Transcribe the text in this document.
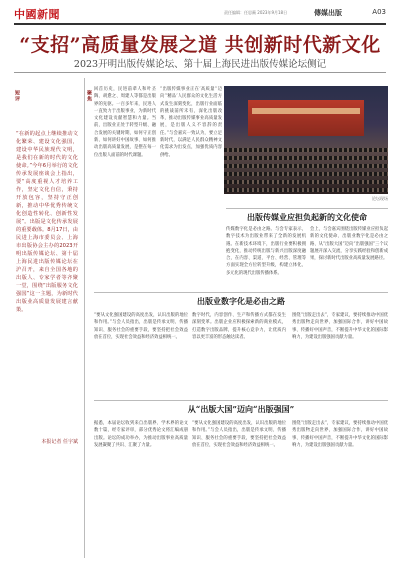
中國新聞	责任编辑：任思蘅 2023年9月18日	傳媒出版	A03
“支招”高质量发展之道 共创新时代新文化
2023开明出版传媒论坛、第十届上海民进出版传媒论坛侧记
短评
“在新的起点上继续推动文化繁荣、建设文化强国，建设中华民族现代文明，是我们在新的时代的文化使命。”今年6月举行的文化传承发展座谈会上指出，要“高度重视人才培养工作，坚定文化自信，秉持开放包容，坚持守正创新，推动中华优秀传统文化创造性转化、创新性发展”。出版是文化传承发展的重要载体。8月17日，由民进上海市委员会、上海市出版协会主办的2023开明出版传媒论坛、第十届上海民进出版传媒论坛在沪召开，来自全国各地的出版人、专家学者等齐聚一堂，围绕“出版服务文化强国”这一主题，为新时代出版业高质量发展建言献策。
本报记者 任宇斌
聚焦
回首历史，民进前辈人和叶圣陶、胡愈之、周建人等都是出版界的先驱。一百多年来，民进人一直致力于出版事业，为新时代文化建设贡献智慧和力量。当前，出版业正处于转型升级、融合发展的关键时期，如何守正创新、如何讲好中国故事、如何推动出版高质量发展，是摆在每一位出版人面前的时代课题。
“出版传媒事业正在‘高质量’‘迈向’‘精品’人民群众的文化生活方式发生深刻变化，出版行业面临的挑战前所未有，深化出版改革，推动出版传媒事业高质量发展，是出版人义不容辞的责任。”与会嘉宾一致认为，要立足新时代，以满足人民群众精神文化需求为出发点，加强优质内容供给。
论坛现场
出版传媒业应担负起新的文化使命
传媒数字化是必由之路。与会专家表示，数字技术为出版业带来了全新的发展机遇。在新技术环境下，出版行业要积极拥抱变化，推动传统出版与新兴出版深度融合，在内容、渠道、平台、经营、管理等方面实现全方位转型升级，构建立体化、多元化的现代出版传播体系。
会上，与会嘉宾围绕出版传媒业应担负起新的文化使命、出版业数字化是必由之路、从“出版大国”迈向“出版强国”三个议题展开深入交流，分享实践经验和创新成果，探讨新时代出版业高质量发展路径。
出版业数字化是必由之路
“要从文化强国建设的高度出发，认识出版的地位和作用。”与会人员指出，出版是传承文明、传播知识、服务社会的重要手段，要坚持把社会效益放在首位，实现社会效益和经济效益相统一。
数字时代，内容创作、生产和传播方式都在发生深刻变革。出版企业应积极探索新的商业模式，打造数字出版品牌，提升核心竞争力，让优质内容以更丰富的形态触达读者。
围绕“出版走出去”，专家建议，要持续推动中国优秀出版物走向世界，加强国际合作，讲好中国故事、传播好中国声音，不断提升中华文化的国际影响力，为建设出版强国贡献力量。
从“出版大国”迈向“出版强国”
据悉，本届论坛收到来自出版界、学术界的论文数十篇，经专家评审，部分优秀论文将汇编成册出版。论坛的成功举办，为推动出版事业高质量发展凝聚了共识、汇聚了力量。
“要从文化强国建设的高度出发，认识出版的地位和作用。”与会人员指出，出版是传承文明、传播知识、服务社会的重要手段，要坚持把社会效益放在首位，实现社会效益和经济效益相统一。
围绕“出版走出去”，专家建议，要持续推动中国优秀出版物走向世界，加强国际合作，讲好中国故事、传播好中国声音，不断提升中华文化的国际影响力，为建设出版强国贡献力量。
